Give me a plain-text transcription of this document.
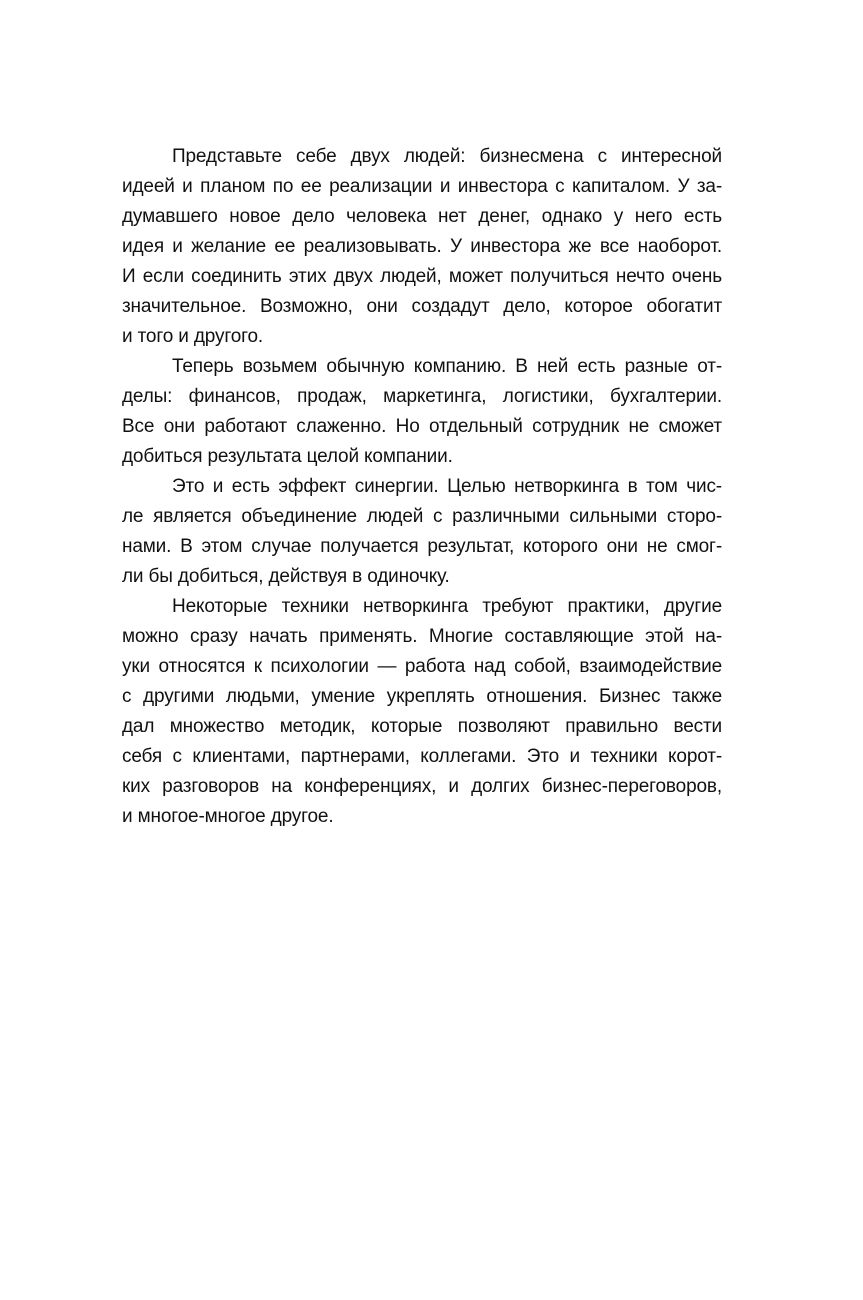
Представьте себе двух людей: бизнесмена с интересной
идеей и планом по ее реализации и инвестора с капиталом. У за-
думавшего новое дело человека нет денег, однако у него есть
идея и желание ее реализовывать. У инвестора же все наоборот.
И если соединить этих двух людей, может получиться нечто очень
значительное. Возможно, они создадут дело, которое обогатит
и того и другого.
Теперь возьмем обычную компанию. В ней есть разные от-
делы: финансов, продаж, маркетинга, логистики, бухгалтерии.
Все они работают слаженно. Но отдельный сотрудник не сможет
добиться результата целой компании.
Это и есть эффект синергии. Целью нетворкинга в том чис-
ле является объединение людей с различными сильными сторо-
нами. В этом случае получается результат, которого они не смог-
ли бы добиться, действуя в одиночку.
Некоторые техники нетворкинга требуют практики, другие
можно сразу начать применять. Многие составляющие этой на-
уки относятся к психологии — работа над собой, взаимодействие
с другими людьми, умение укреплять отношения. Бизнес также
дал множество методик, которые позволяют правильно вести
себя с клиентами, партнерами, коллегами. Это и техники корот-
ких разговоров на конференциях, и долгих бизнес-переговоров,
и многое-многое другое.
